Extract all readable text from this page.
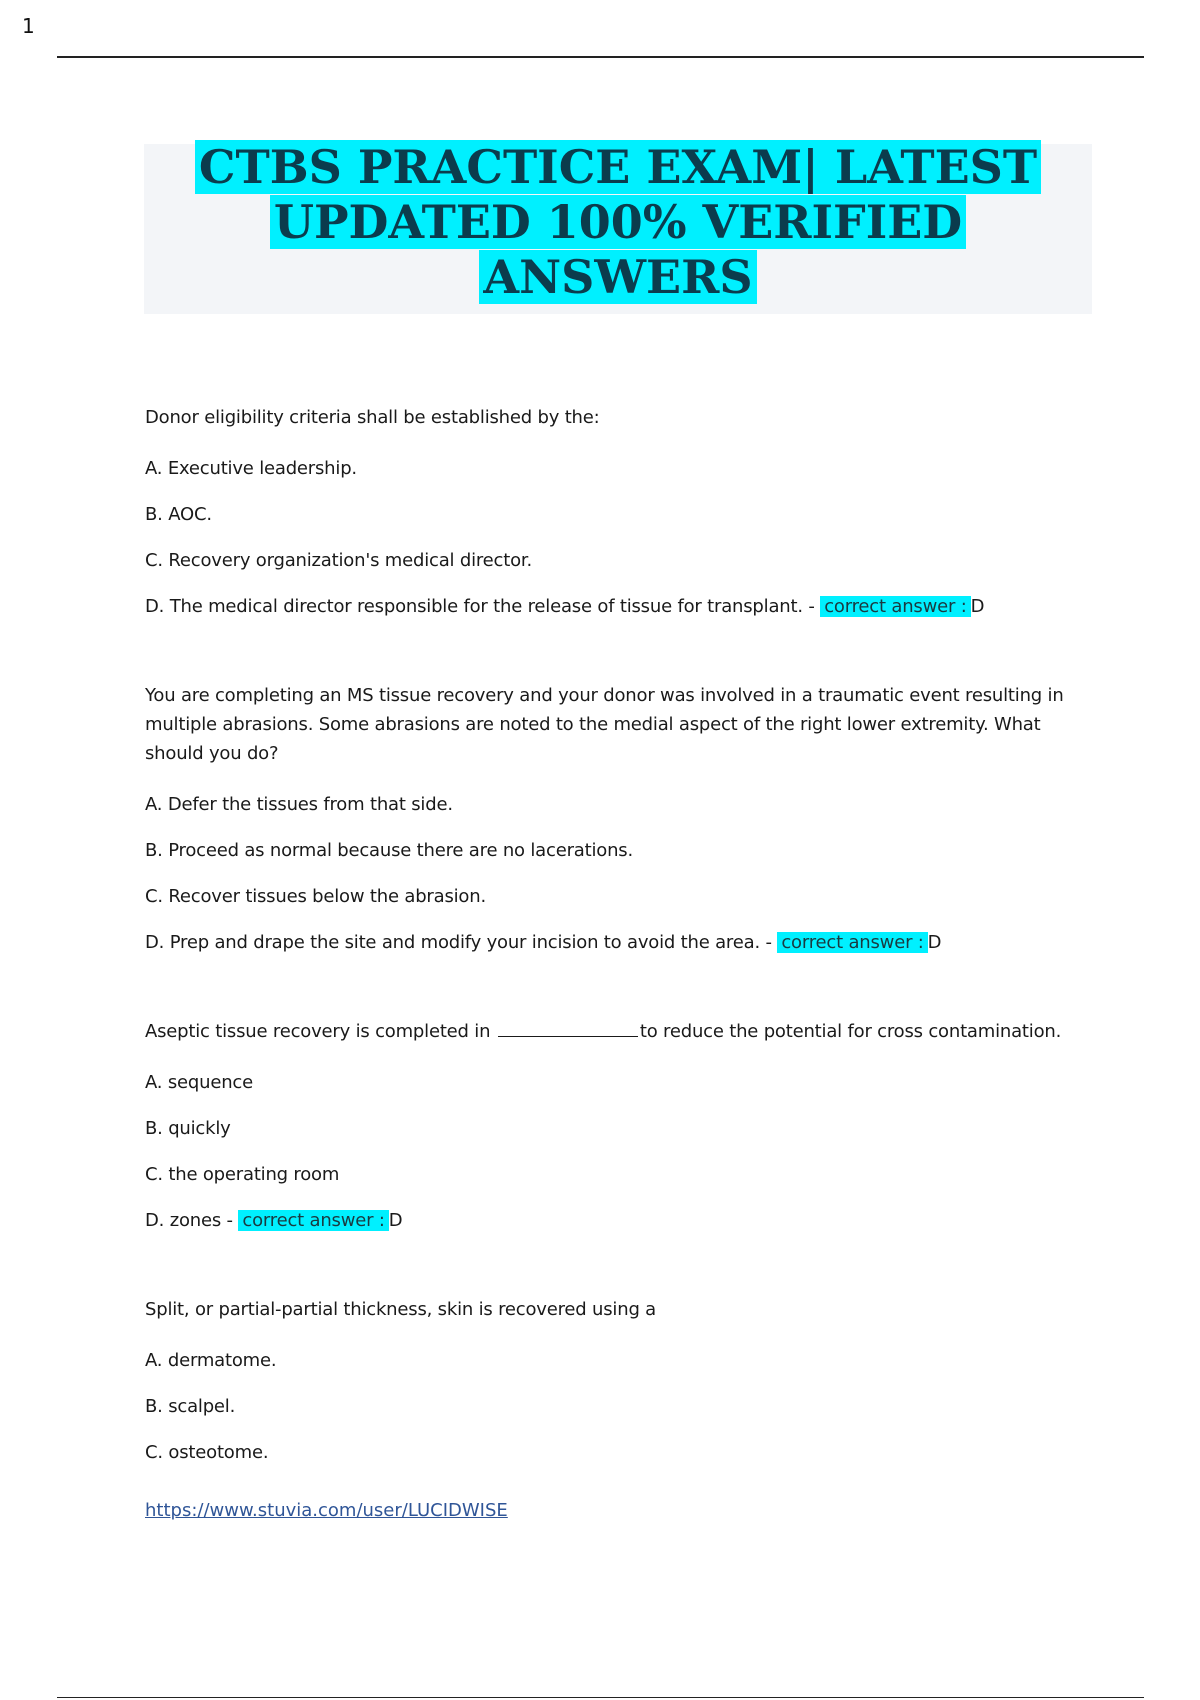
1
CTBS PRACTICE EXAM| LATEST
UPDATED 100% VERIFIED
ANSWERS

Donor eligibility criteria shall be established by the:

A. Executive leadership.

B. AOC.

C. Recovery organization's medical director.

D. The medical director responsible for the release of tissue for transplant. - correct answer : D

You are completing an MS tissue recovery and your donor was involved in a traumatic event resulting in multiple abrasions. Some abrasions are noted to the medial aspect of the right lower extremity. What should you do?

A. Defer the tissues from that side.

B. Proceed as normal because there are no lacerations.

C. Recover tissues below the abrasion.

D. Prep and drape the site and modify your incision to avoid the area. - correct answer : D

Aseptic tissue recovery is completed in	to reduce the potential for cross contamination.

A. sequence

B. quickly

C. the operating room

D. zones - correct answer : D

Split, or partial-partial thickness, skin is recovered using a

A. dermatome.

B. scalpel.

C. osteotome.

https://www.stuvia.com/user/LUCIDWISE
